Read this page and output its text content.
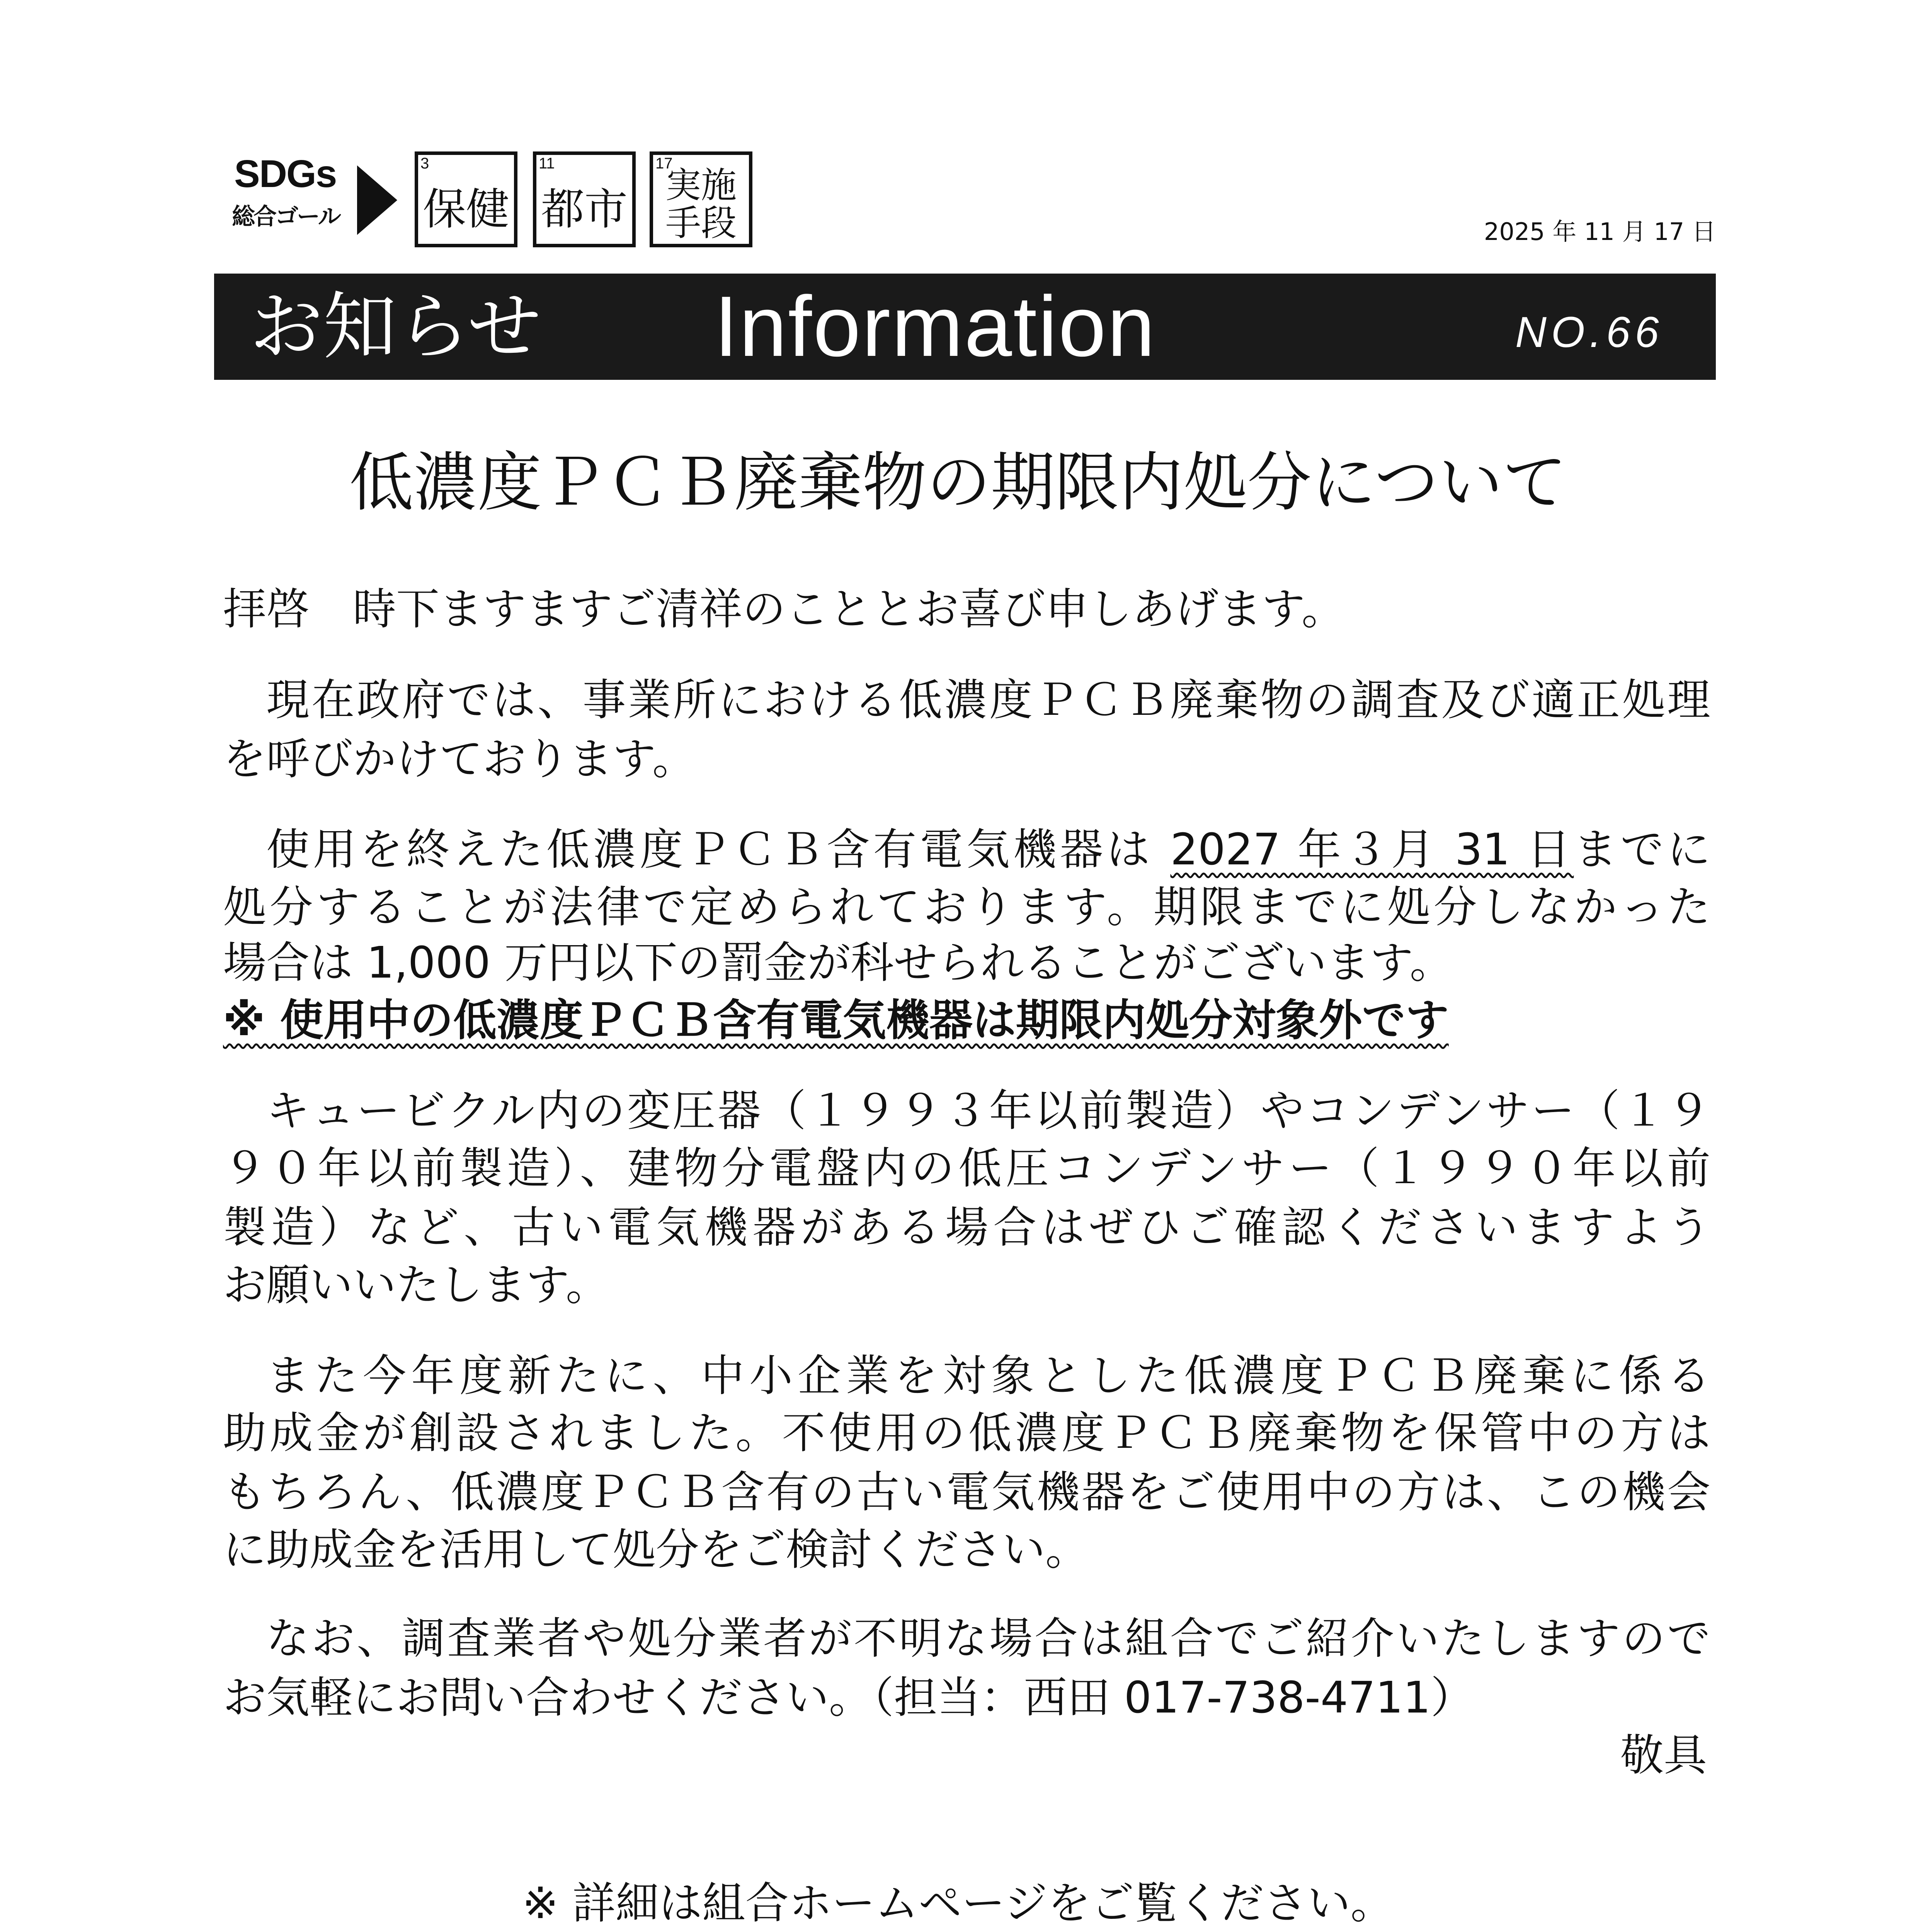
SDGs
総合ゴール
3
保健
11
都市
17
実施
手段	2025 年 11 月 17 日
お知らせ Information	NO.66
低濃度ＰＣＢ廃棄物の期限内処分について
拝啓　時下ますますご清祥のこととお喜び申しあげます。
現在政府では、事業所における低濃度ＰＣＢ廃棄物の調査及び適正処理
を呼びかけております。
使用を終えた低濃度ＰＣＢ含有電気機器は 2027 年３月 31 日までに
処分することが法律で定められております。期限までに処分しなかった
場合は 1,000 万円以下の罰金が科せられることがございます。
※ 使用中の低濃度ＰＣＢ含有電気機器は期限内処分対象外です
キュービクル内の変圧器（１９９３年以前製造）やコンデンサー（１９
９０年以前製造）、建物分電盤内の低圧コンデンサー（１９９０年以前
製造）など、古い電気機器がある場合はぜひご確認くださいますよう
お願いいたします。
また今年度新たに、中小企業を対象とした低濃度ＰＣＢ廃棄に係る
助成金が創設されました。不使用の低濃度ＰＣＢ廃棄物を保管中の方は
もちろん、低濃度ＰＣＢ含有の古い電気機器をご使用中の方は、この機会
に助成金を活用して処分をご検討ください。
なお、調査業者や処分業者が不明な場合は組合でご紹介いたしますので
お気軽にお問い合わせください。（担当：西田 017-738-4711）
敬具
※ 詳細は組合ホームページをご覧ください。
